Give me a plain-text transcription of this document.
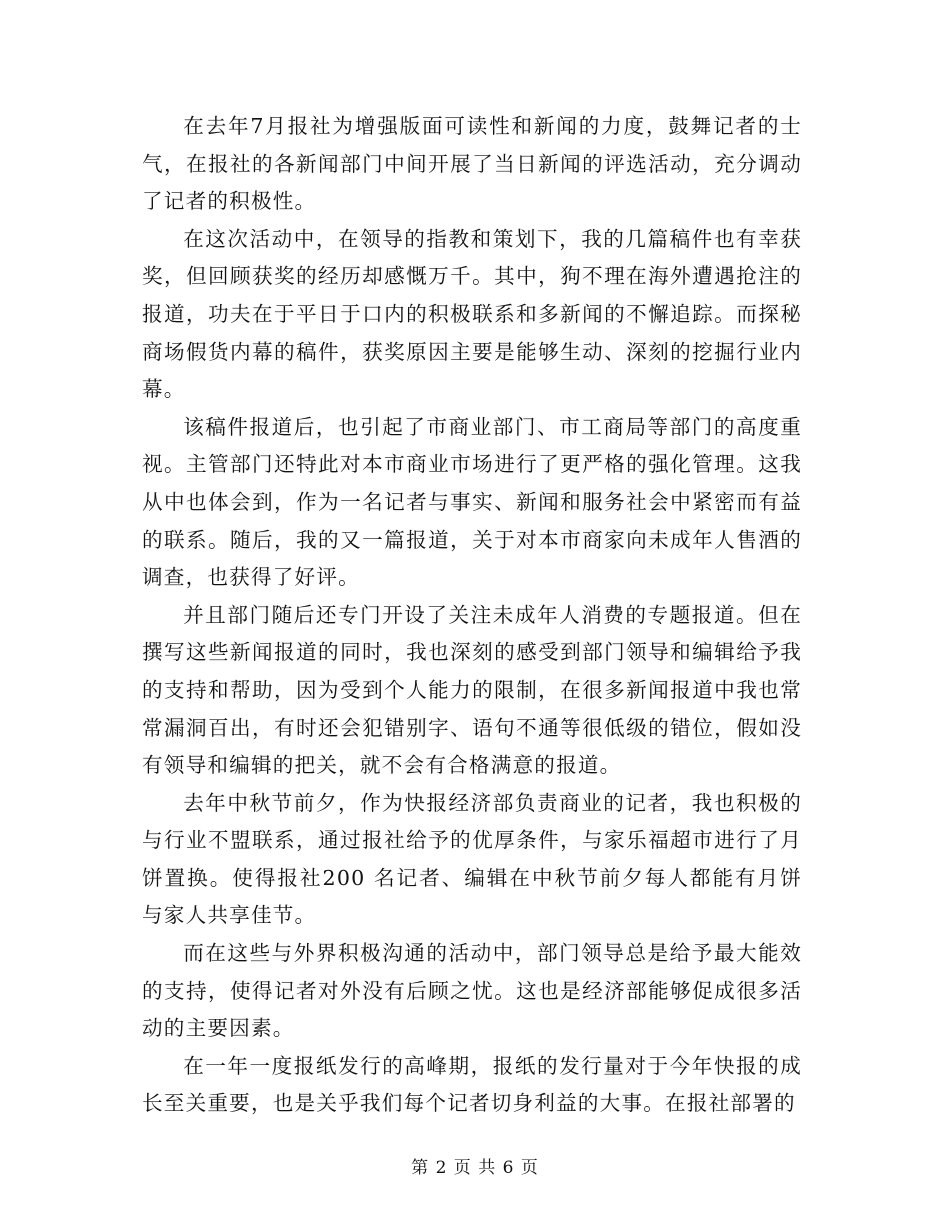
在去年7月报社为增强版面可读性和新闻的力度，鼓舞记者的士气，在报社的各新闻部门中间开展了当日新闻的评选活动，充分调动了记者的积极性。

在这次活动中，在领导的指教和策划下，我的几篇稿件也有幸获奖，但回顾获奖的经历却感慨万千。其中，狗不理在海外遭遇抢注的报道，功夫在于平日于口内的积极联系和多新闻的不懈追踪。而探秘商场假货内幕的稿件，获奖原因主要是能够生动、深刻的挖掘行业内幕。

该稿件报道后，也引起了市商业部门、市工商局等部门的高度重视。主管部门还特此对本市商业市场进行了更严格的强化管理。这我从中也体会到，作为一名记者与事实、新闻和服务社会中紧密而有益的联系。随后，我的又一篇报道，关于对本市商家向未成年人售酒的调查，也获得了好评。

并且部门随后还专门开设了关注未成年人消费的专题报道。但在撰写这些新闻报道的同时，我也深刻的感受到部门领导和编辑给予我的支持和帮助，因为受到个人能力的限制，在很多新闻报道中我也常常漏洞百出，有时还会犯错别字、语句不通等很低级的错位，假如没有领导和编辑的把关，就不会有合格满意的报道。

去年中秋节前夕，作为快报经济部负责商业的记者，我也积极的与行业不盟联系，通过报社给予的优厚条件，与家乐福超市进行了月饼置换。使得报社200 名记者、编辑在中秋节前夕每人都能有月饼与家人共享佳节。

而在这些与外界积极沟通的活动中，部门领导总是给予最大能效的支持，使得记者对外没有后顾之忧。这也是经济部能够促成很多活动的主要因素。

在一年一度报纸发行的高峰期，报纸的发行量对于今年快报的成长至关重要，也是关乎我们每个记者切身利益的大事。在报社部署的

第 2 页 共 6 页
